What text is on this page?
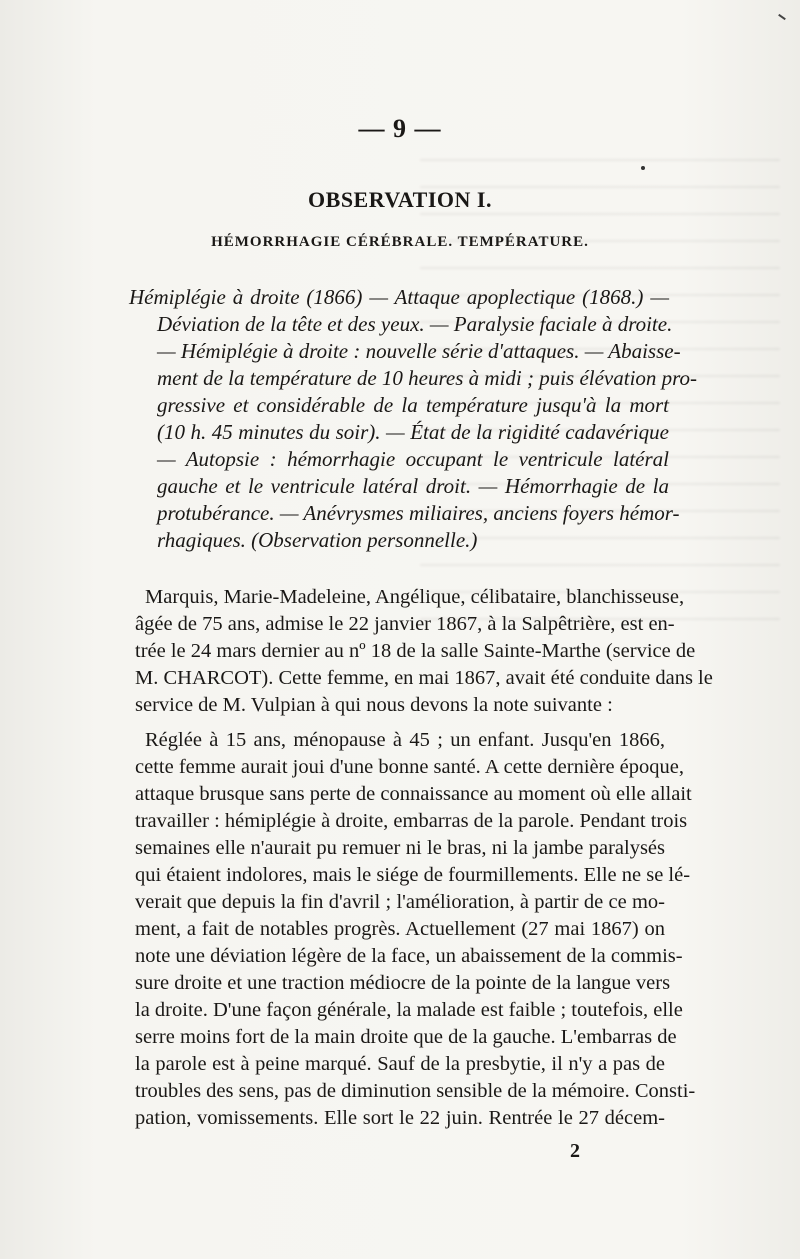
— 9 —
OBSERVATION I.
HÉMORRHAGIE CÉRÉBRALE. TEMPÉRATURE.
Hémiplégie à droite (1866) — Attaque apoplectique (1868.) —
Déviation de la tête et des yeux. — Paralysie faciale à droite.
— Hémiplégie à droite : nouvelle série d'attaques. — Abaisse-
ment de la température de 10 heures à midi ; puis élévation pro-
gressive et considérable de la température jusqu'à la mort
(10 h. 45 minutes du soir). — État de la rigidité cadavérique
— Autopsie : hémorrhagie occupant le ventricule latéral
gauche et le ventricule latéral droit. — Hémorrhagie de la
protubérance. — Anévrysmes miliaires, anciens foyers hémor-
rhagiques. (Observation personnelle.)
Marquis, Marie-Madeleine, Angélique, célibataire, blanchisseuse,
âgée de 75 ans, admise le 22 janvier 1867, à la Salpêtrière, est en-
trée le 24 mars dernier au nº 18 de la salle Sainte-Marthe (service de
M. CHARCOT). Cette femme, en mai 1867, avait été conduite dans le
service de M. Vulpian à qui nous devons la note suivante :
Réglée à 15 ans, ménopause à 45 ; un enfant. Jusqu'en 1866,
cette femme aurait joui d'une bonne santé. A cette dernière époque,
attaque brusque sans perte de connaissance au moment où elle allait
travailler : hémiplégie à droite, embarras de la parole. Pendant trois
semaines elle n'aurait pu remuer ni le bras, ni la jambe paralysés
qui étaient indolores, mais le siége de fourmillements. Elle ne se lé-
verait que depuis la fin d'avril ; l'amélioration, à partir de ce mo-
ment, a fait de notables progrès. Actuellement (27 mai 1867) on
note une déviation légère de la face, un abaissement de la commis-
sure droite et une traction médiocre de la pointe de la langue vers
la droite. D'une façon générale, la malade est faible ; toutefois, elle
serre moins fort de la main droite que de la gauche. L'embarras de
la parole est à peine marqué. Sauf de la presbytie, il n'y a pas de
troubles des sens, pas de diminution sensible de la mémoire. Consti-
pation, vomissements. Elle sort le 22 juin. Rentrée le 27 décem-
2
